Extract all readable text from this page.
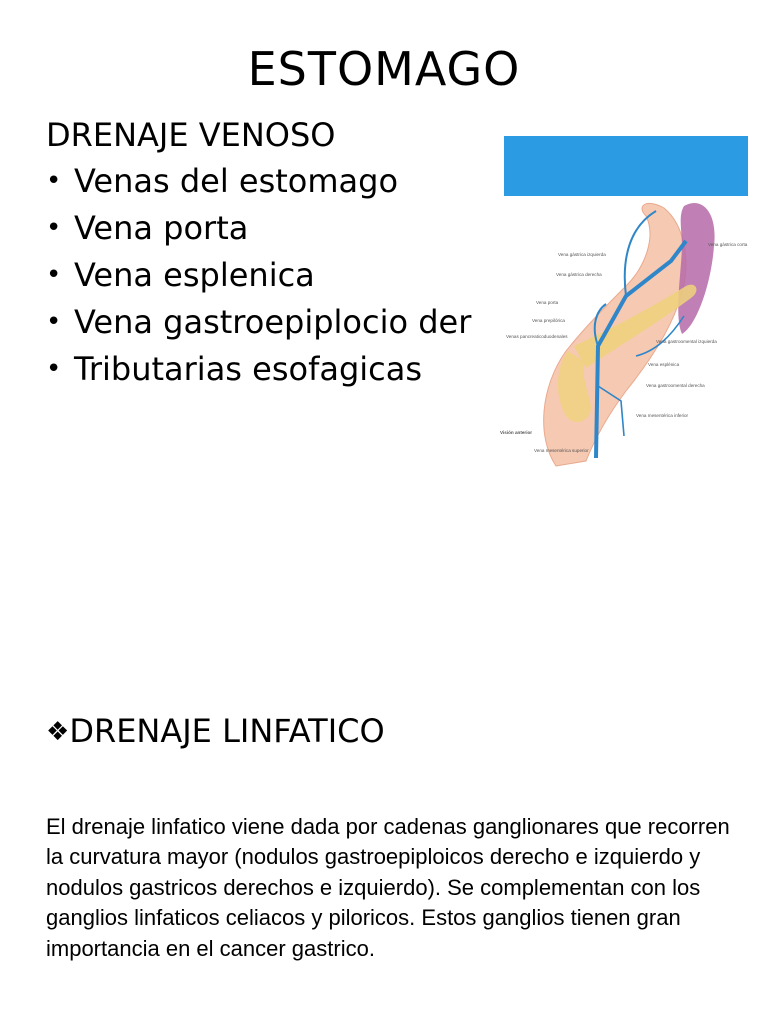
ESTOMAGO
DRENAJE VENOSO
• Venas del estomago
• Vena porta
• Vena esplenica
• Vena gastroepiplocio der
• Tributarias esofagicas
Vena gástrica corta
Vena gástrica izquierda
Vena gástrica derecha
Vena porta
Vena prepilórica
Venas pancreaticoduodenales
Vena gastroomental izquierda
Vena esplénica
Vena gastroomental derecha
Vena mesentérica inferior
Visión anterior
Vena mesentérica superior
❖DRENAJE LINFATICO
El drenaje linfatico viene dada por cadenas ganglionares que recorren la curvatura mayor (nodulos gastroepiploicos derecho e izquierdo y nodulos gastricos derechos e izquierdo). Se complementan con los ganglios linfaticos celiacos y piloricos. Estos ganglios tienen gran importancia en el cancer gastrico.
